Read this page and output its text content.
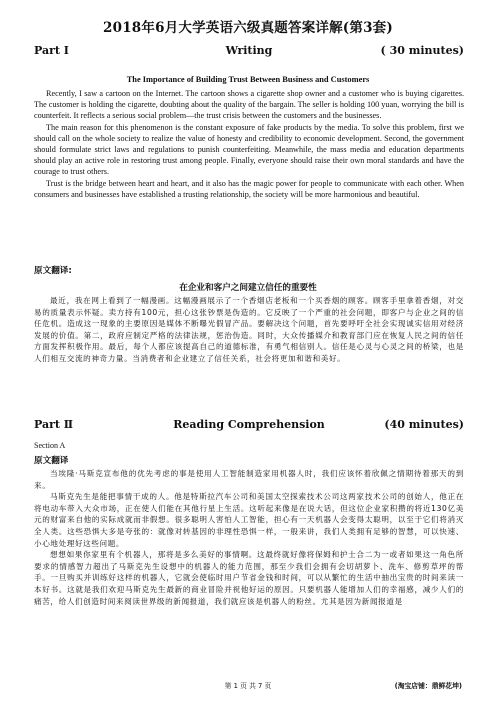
2018年6月大学英语六级真题答案详解(第3套)
Part Ⅰ	Writing	( 30 minutes)
The Importance of Building Trust Between Business and Customers

Recently, I saw a cartoon on the Internet. The cartoon shows a cigarette shop owner and a customer who is buying cigarettes. The customer is holding the cigarette, doubting about the quality of the bargain. The seller is holding 100 yuan, worrying the bill is counterfeit. It reflects a serious social problem—the trust crisis between the customers and the businesses.

The main reason for this phenomenon is the constant exposure of fake products by the media. To solve this problem, first we should call on the whole society to realize the value of honesty and credibility to economic development. Second, the government should formulate strict laws and regulations to punish counterfeiting. Meanwhile, the mass media and education departments should play an active role in restoring trust among people. Finally, everyone should raise their own moral standards and have the courage to trust others.

Trust is the bridge between heart and heart, and it also has the magic power for people to communicate with each other. When consumers and businesses have established a trusting relationship, the society will be more harmonious and beautiful.

原文翻译:
在企业和客户之间建立信任的重要性

最近，我在网上看到了一幅漫画。这幅漫画展示了一个香烟店老板和一个买香烟的顾客。顾客手里拿着香烟，对交易的质量表示怀疑。卖方持有100元，担心这张钞票是伪造的。它反映了一个严重的社会问题，即客户与企业之间的信任危机。造成这一现象的主要原因是媒体不断曝光假冒产品。要解决这个问题，首先要呼吁全社会实现诚实信用对经济发展的价值。第二，政府应制定严格的法律法规，惩治伪造。同时，大众传播媒介和教育部门应在恢复人民之间的信任方面发挥积极作用。最后，每个人都应该提高自己的道德标准，有勇气相信别人。信任是心灵与心灵之间的桥梁，也是人们相互交流的神奇力量。当消费者和企业建立了信任关系，社会将更加和谐和美好。

Part Ⅱ	Reading Comprehension	(40 minutes)
Section A
原文翻译

当埃隆·马斯克宣布他的优先考虑的事是使用人工智能制造家用机器人时，我们应该怀着欣佩之情期待着那天的到来。

马斯克先生是能把事情干成的人。他是特斯拉汽车公司和美国太空探索技术公司这两家技术公司的创始人，他正在将电动车带入大众市场，正在使人们能在其他行星上生活。这听起来像是在说大话，但这位企业家积攒的将近130亿美元的财富来自他的实际成就而非假想。很多聪明人害怕人工智能，担心有一天机器人会变得太聪明，以至于它们将消灭全人类。这些恐惧大多是夸张的：就像对转基因的非理性恐惧一样，一般来讲，我们人类拥有足够的智慧，可以快速、小心地处理好这些问题。

想想如果你家里有个机器人，那将是多么美好的事情啊。这最终就好像将保姆和护士合二为一或者如果这一角色所要求的情感智力超出了马斯克先生设想中的机器人的能力范围，那至少我们会拥有会切胡萝卜、洗车、修剪草坪的帮手。一旦购买并训练好这样的机器人，它就会使临时用户节省金钱和时间，可以从繁忙的生活中抽出宝贵的时间来读一本好书。这就是我们欢迎马斯克先生最新的商业冒险并祝他好运的原因。只要机器人能增加人们的幸福感，减少人们的痛苦，给人们创造时间来阅读世界级的新闻报道，我们就应该是机器人的粉丝。尤其是因为新闻报道是

第 1 页 共 7 页	(淘宝店铺：鼎鲜花坤)
